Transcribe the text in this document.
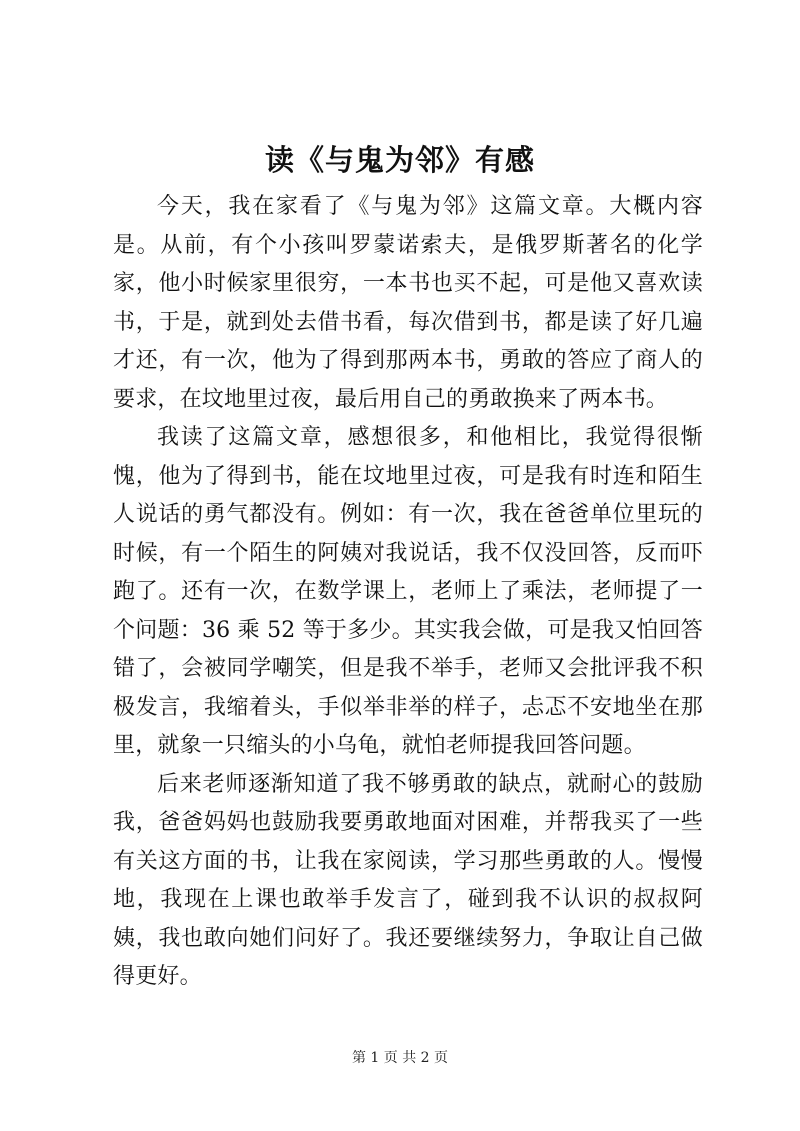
读《与鬼为邻》有感

今天，我在家看了《与鬼为邻》这篇文章。大概内容是。从前，有个小孩叫罗蒙诺索夫，是俄罗斯著名的化学家，他小时候家里很穷，一本书也买不起，可是他又喜欢读书，于是，就到处去借书看，每次借到书，都是读了好几遍才还，有一次，他为了得到那两本书，勇敢的答应了商人的要求，在坟地里过夜，最后用自己的勇敢换来了两本书。

我读了这篇文章，感想很多，和他相比，我觉得很惭愧，他为了得到书，能在坟地里过夜，可是我有时连和陌生人说话的勇气都没有。例如：有一次，我在爸爸单位里玩的时候，有一个陌生的阿姨对我说话，我不仅没回答，反而吓跑了。还有一次，在数学课上，老师上了乘法，老师提了一个问题：36 乘 52 等于多少。其实我会做，可是我又怕回答错了，会被同学嘲笑，但是我不举手，老师又会批评我不积极发言，我缩着头，手似举非举的样子，忐忑不安地坐在那里，就象一只缩头的小乌龟，就怕老师提我回答问题。

后来老师逐渐知道了我不够勇敢的缺点，就耐心的鼓励我，爸爸妈妈也鼓励我要勇敢地面对困难，并帮我买了一些有关这方面的书，让我在家阅读，学习那些勇敢的人。慢慢地，我现在上课也敢举手发言了，碰到我不认识的叔叔阿姨，我也敢向她们问好了。我还要继续努力，争取让自己做得更好。

第 1 页 共 2 页
